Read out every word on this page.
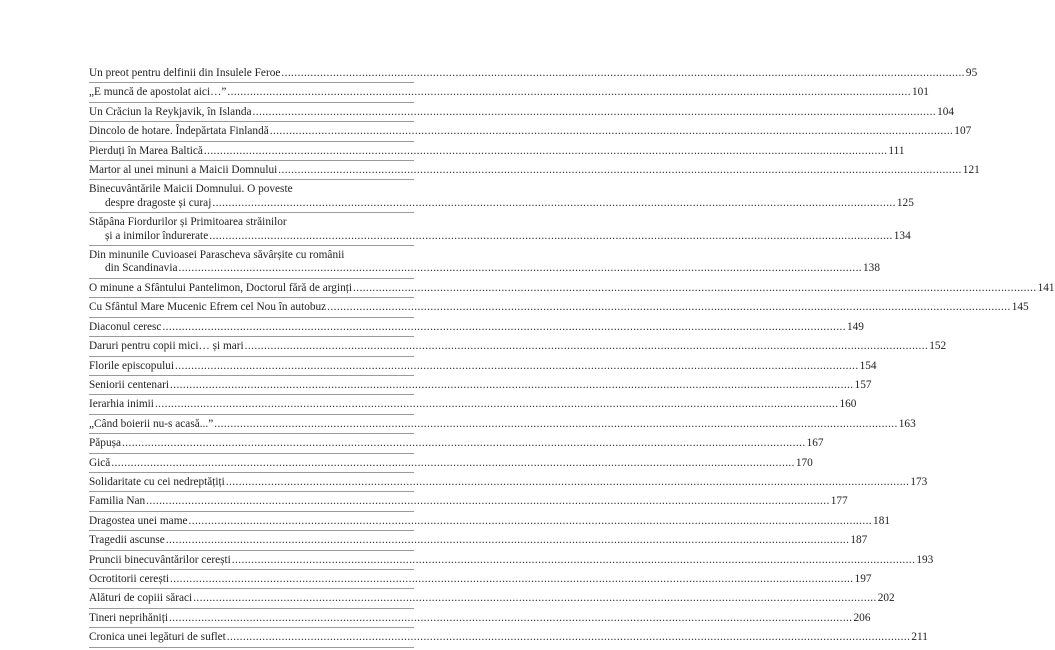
Un preot pentru delfinii din Insulele Feroe .....	95
„E muncă de apostolat aici…” .....	101
Un Crăciun la Reykjavik, în Islanda .....	104
Dincolo de hotare. Îndepărtata Finlandă .....	107
Pierduți în Marea Baltică .....	111
Martor al unei minuni a Maicii Domnului .....	121
Binecuvântările Maicii Domnului. O poveste
despre dragoste și curaj .....	125
Stăpâna Fiordurilor și Primitoarea străinilor
și a inimilor îndurerate .....	134
Din minunile Cuvioasei Parascheva săvârșite cu românii
din Scandinavia .....	138
O minune a Sfântului Pantelimon, Doctorul fără de arginți .....	141
Cu Sfântul Mare Mucenic Efrem cel Nou în autobuz .....	145
Diaconul ceresc .....	149
Daruri pentru copii mici… și mari .....	152
Florile episcopului .....	154
Seniorii centenari .....	157
Ierarhia inimii .....	160
„Când boierii nu-s acasă...” .....	163
Păpușa .....	167
Gică .....	170
Solidaritate cu cei nedreptățiți .....	173
Familia Nan .....	177
Dragostea unei mame .....	181
Tragedii ascunse .....	187
Pruncii binecuvântărilor cerești .....	193
Ocrotitorii cerești .....	197
Alături de copiii săraci .....	202
Tineri neprihăniți .....	206
Cronica unei legături de suflet .....	211
